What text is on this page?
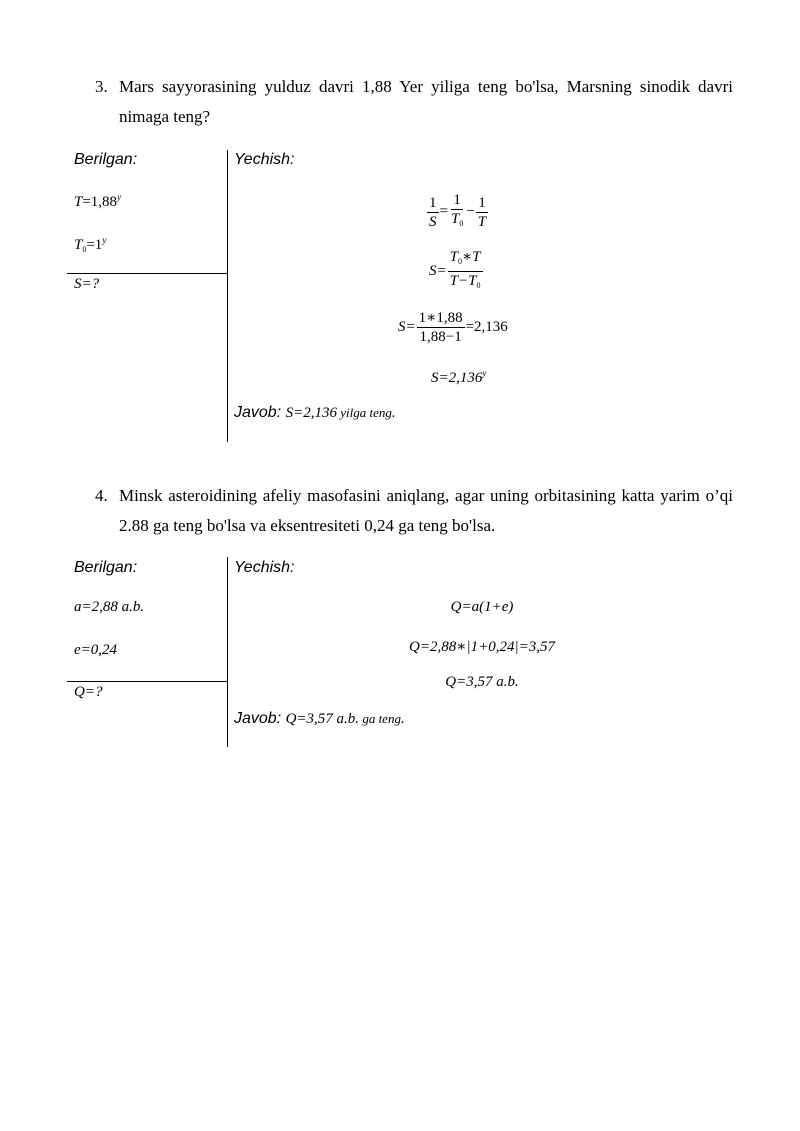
3. Mars sayyorasining yulduz davri 1,88 Yer yiliga teng bo'lsa, Marsning sinodik davri nimaga teng?
Berilgan:	Yechish:
$T=1,88^y$
$T_0=1^y$
S=?
$\frac{1}{S} = \frac{1}{T_0} - \frac{1}{T}$
$S= \frac{T_0∗T}{T-T_0}$
$S= \frac{1∗1,88}{1,88-1} =2,136$
$S=2,136^y$
Javob: S=2,136 yilga teng.
4. Minsk asteroidining afeliy masofasini aniqlang, agar uning orbitasining katta yarim o’qi 2.88 ga teng bo'lsa va eksentresiteti 0,24 ga teng bo'lsa.
Berilgan:	Yechish:
a=2,88 a.b.
e=0,24
Q=?
Q=a(1+e)
Q=2,88∗|1+0,24|=3,57
Q=3,57 a.b.
Javob: Q=3,57 a.b. ga teng.
